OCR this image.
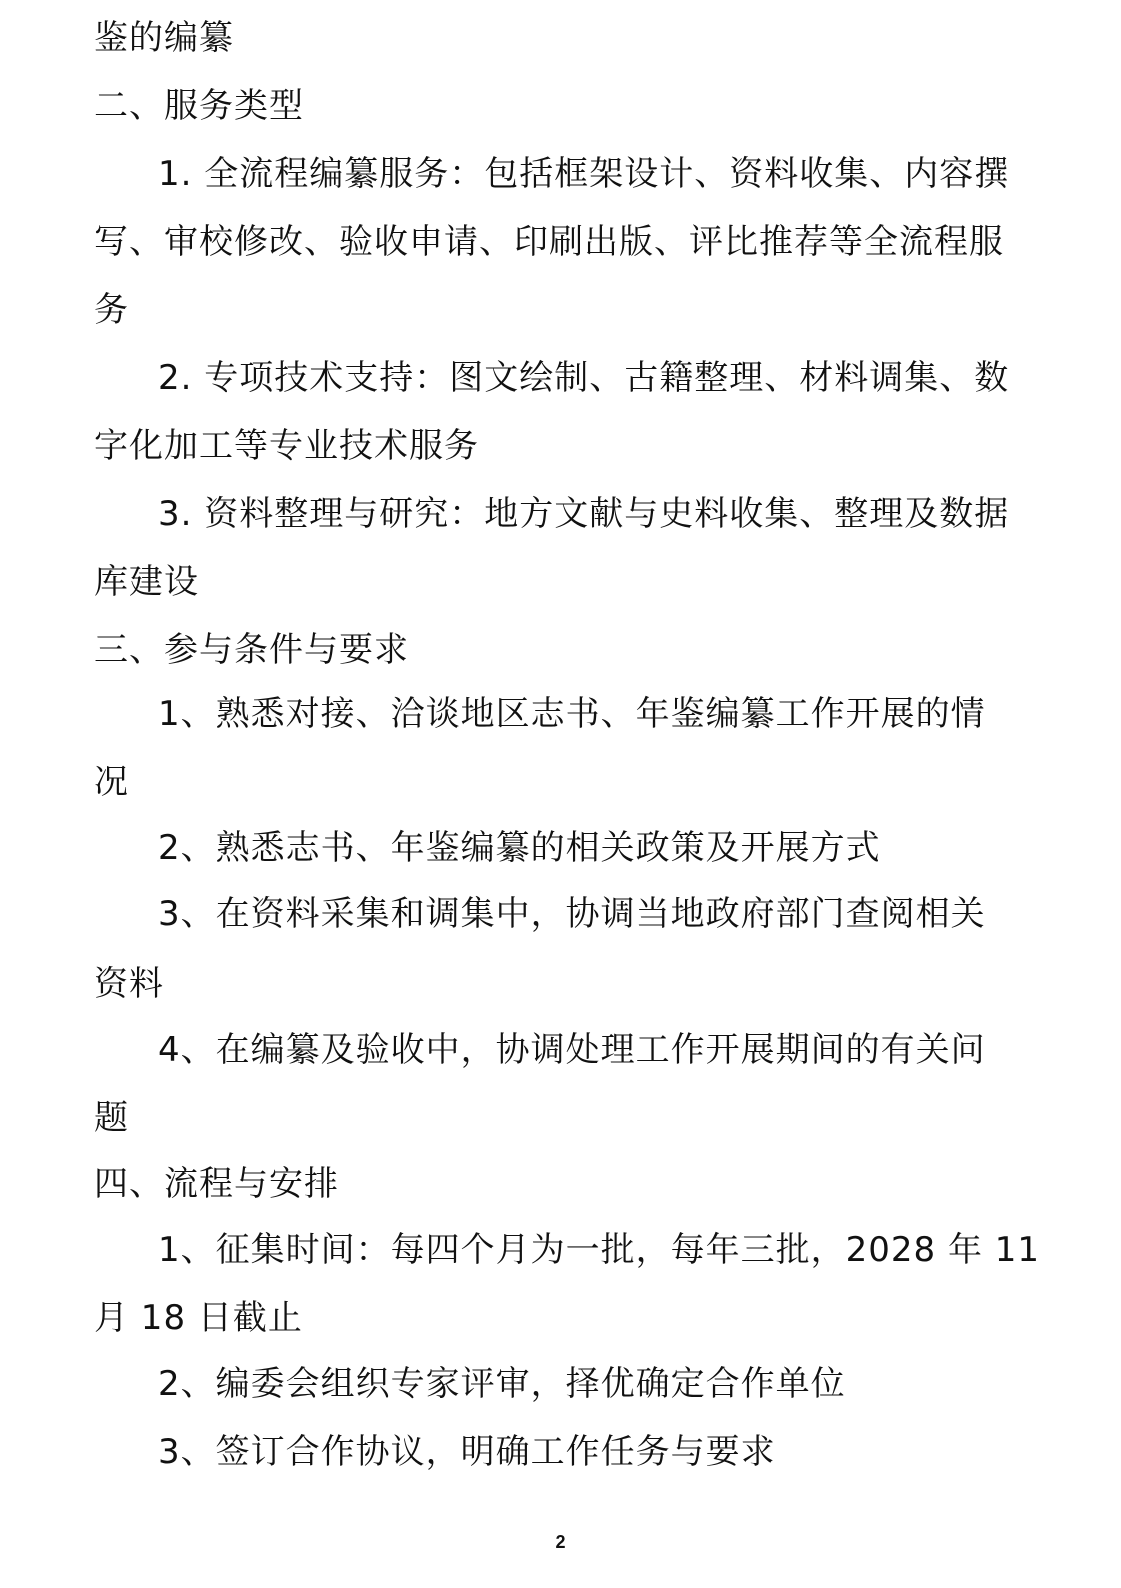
鉴的编纂
二、服务类型
1. 全流程编纂服务：包括框架设计、资料收集、内容撰
写、审校修改、验收申请、印刷出版、评比推荐等全流程服
务
2. 专项技术支持：图文绘制、古籍整理、材料调集、数
字化加工等专业技术服务
3. 资料整理与研究：地方文献与史料收集、整理及数据
库建设
三、参与条件与要求
1、熟悉对接、洽谈地区志书、年鉴编纂工作开展的情
况
2、熟悉志书、年鉴编纂的相关政策及开展方式
3、在资料采集和调集中，协调当地政府部门查阅相关
资料
4、在编纂及验收中，协调处理工作开展期间的有关问
题
四、流程与安排
1、征集时间：每四个月为一批，每年三批，2028 年 11
月 18 日截止
2、编委会组织专家评审，择优确定合作单位
3、签订合作协议，明确工作任务与要求
2
